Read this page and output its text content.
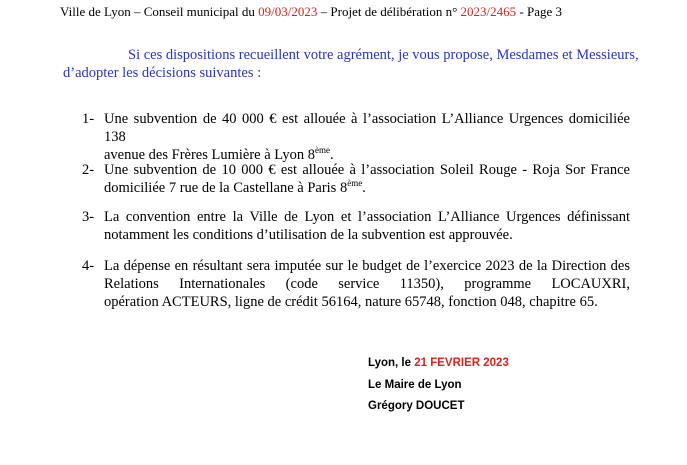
Ville de Lyon – Conseil municipal du 09/03/2023 – Projet de délibération n° 2023/2465 - Page 3
Si ces dispositions recueillent votre agrément, je vous propose, Mesdames et Messieurs,
d’adopter les décisions suivantes :
1- Une subvention de 40 000 € est allouée à l’association L’Alliance Urgences domiciliée 138
avenue des Frères Lumière à Lyon 8ème.
2- Une subvention de 10 000 € est allouée à l’association Soleil Rouge - Roja Sor France
domiciliée 7 rue de la Castellane à Paris 8ème.
3- La convention entre la Ville de Lyon et l’association L’Alliance Urgences définissant
notamment les conditions d’utilisation de la subvention est approuvée.
4- La dépense en résultant sera imputée sur le budget de l’exercice 2023 de la Direction des
Relations Internationales (code service 11350), programme LOCAUXRI,
opération ACTEURS, ligne de crédit 56164, nature 65748, fonction 048, chapitre 65.
Lyon, le 21 FEVRIER 2023
Le Maire de Lyon
Grégory DOUCET
